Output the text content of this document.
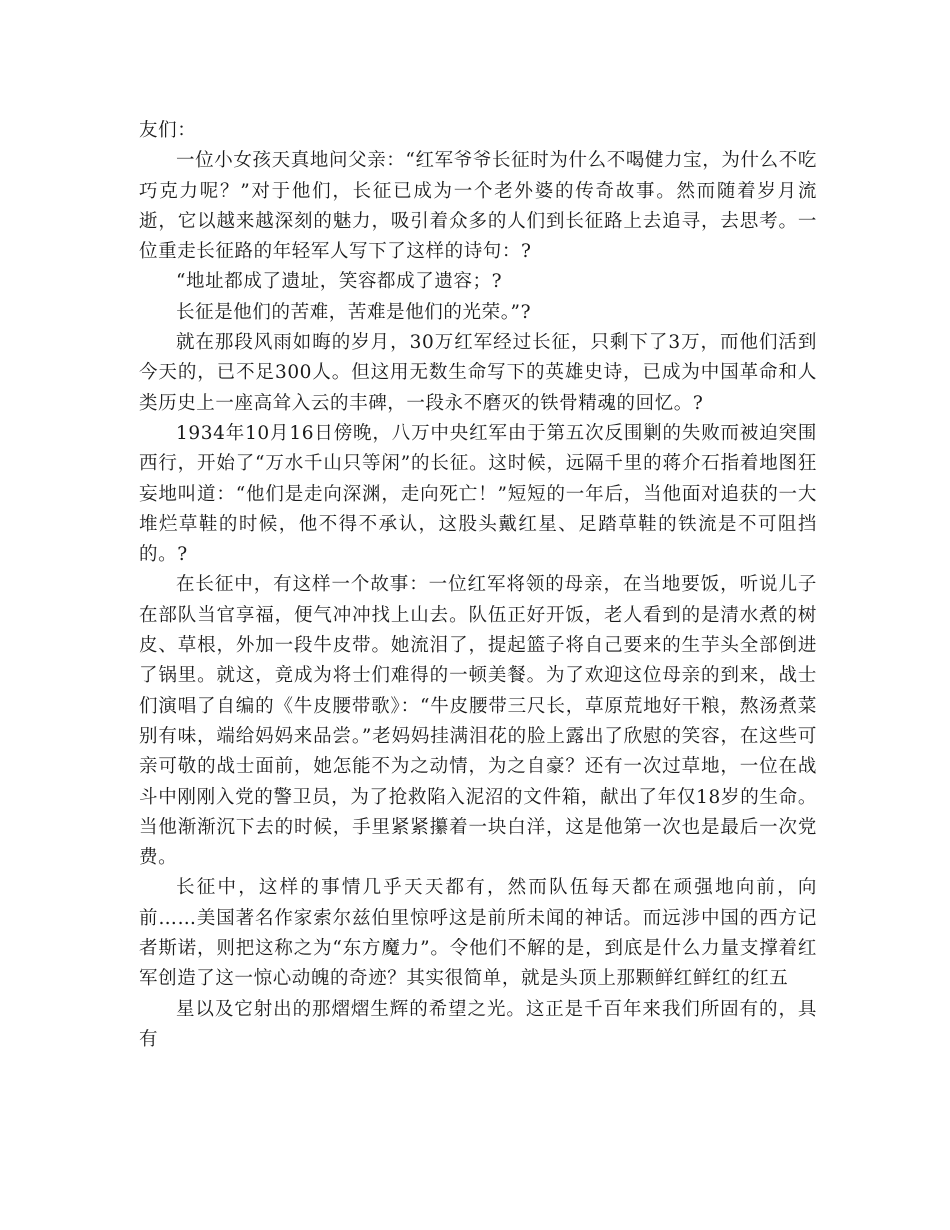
友们：

一位小女孩天真地问父亲：“红军爷爷长征时为什么不喝健力宝，为什么不吃巧克力呢？”对于他们，长征已成为一个老外婆的传奇故事。然而随着岁月流逝，它以越来越深刻的魅力，吸引着众多的人们到长征路上去追寻，去思考。一位重走长征路的年轻军人写下了这样的诗句：?

“地址都成了遗址，笑容都成了遗容；?

长征是他们的苦难，苦难是他们的光荣。”?

就在那段风雨如晦的岁月，30万红军经过长征，只剩下了3万，而他们活到今天的，已不足300人。但这用无数生命写下的英雄史诗，已成为中国革命和人类历史上一座高耸入云的丰碑，一段永不磨灭的铁骨精魂的回忆。?

1934年10月16日傍晚，八万中央红军由于第五次反围剿的失败而被迫突围西行，开始了“万水千山只等闲”的长征。这时候，远隔千里的蒋介石指着地图狂妄地叫道：“他们是走向深渊，走向死亡！”短短的一年后，当他面对追获的一大堆烂草鞋的时候，他不得不承认，这股头戴红星、足踏草鞋的铁流是不可阻挡的。?

在长征中，有这样一个故事：一位红军将领的母亲，在当地要饭，听说儿子在部队当官享福，便气冲冲找上山去。队伍正好开饭，老人看到的是清水煮的树皮、草根，外加一段牛皮带。她流泪了，提起篮子将自己要来的生芋头全部倒进了锅里。就这，竟成为将士们难得的一顿美餐。为了欢迎这位母亲的到来，战士们演唱了自编的《牛皮腰带歌》：“牛皮腰带三尺长，草原荒地好干粮，熬汤煮菜别有味，端给妈妈来品尝。”老妈妈挂满泪花的脸上露出了欣慰的笑容，在这些可亲可敬的战士面前，她怎能不为之动情，为之自豪？还有一次过草地，一位在战斗中刚刚入党的警卫员，为了抢救陷入泥沼的文件箱，献出了年仅18岁的生命。当他渐渐沉下去的时候，手里紧紧攥着一块白洋，这是他第一次也是最后一次党费。

长征中，这样的事情几乎天天都有，然而队伍每天都在顽强地向前，向前……美国著名作家索尔兹伯里惊呼这是前所未闻的神话。而远涉中国的西方记者斯诺，则把这称之为“东方魔力”。令他们不解的是，到底是什么力量支撑着红军创造了这一惊心动魄的奇迹？其实很简单，就是头顶上那颗鲜红鲜红的红五

星以及它射出的那熠熠生辉的希望之光。这正是千百年来我们所固有的，具有
